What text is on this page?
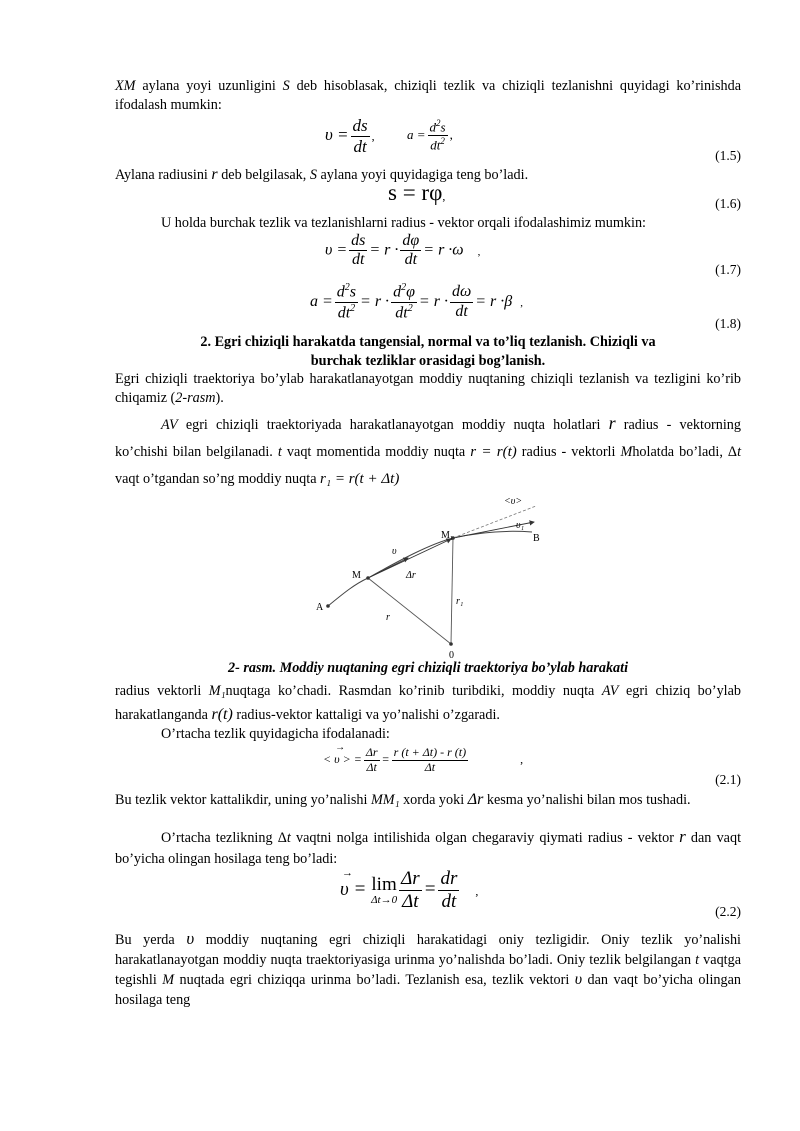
XM aylana yoyi uzunligini S deb hisoblasak, chiziqli tezlik va chiziqli tezlanishni quyidagi ko’rinishda ifodalash mumkin:

$\upsilon = \frac{ds}{dt}$ , $a = \frac{d^2s}{dt^2}$ ,
(1.5)

Aylana radiusini r deb belgilasak, S aylana yoyi quyidagiga teng bo’ladi.

s = rφ,	(1.6)

U holda burchak tezlik va tezlanishlarni radius - vektor orqali ifodalashimiz mumkin:

$\upsilon = \frac{ds}{dt} = r \cdot \frac{d\varphi}{dt} = r \cdot\omega$ ,
(1.7)
$a = \frac{d^2s}{dt^2} = r \cdot \frac{d^2\varphi}{dt^2} = r \cdot \frac{d\omega}{dt} = r \cdot\beta$ ,
(1.8)
2. Egri chiziqli harakatda tangensial, normal va to’liq tezlanish. Chiziqli va
burchak tezliklar orasidagi bog’lanish.

Egri chiziqli traektoriya bo’ylab harakatlanayotgan moddiy nuqtaning chiziqli tezlanish va tezligini ko’rib chiqamiz (2-rasm).

AV egri chiziqli traektoriyada harakatlanayotgan moddiy nuqta holatlari r radius - vektorning ko’chishi bilan belgilanadi. t vaqt momentida moddiy nuqta r = r(t) radius - vektorli Mholatda bo’ladi, Δt vaqt o’tgandan so’ng moddiy nuqta r₁ = r(t + Δt)

A
M
M₁	B
0
υ
υ₁
Δr
r
r₁
<υ>
2- rasm. Moddiy nuqtaning egri chiziqli traektoriya bo’ylab harakati

radius vektorli M₁nuqtaga ko’chadi. Rasmdan ko’rinib turibdiki, moddiy nuqta AV egri chiziq bo’ylab harakatlanganda r(t) radius-vektor kattaligi va yo’nalishi o’zgaradi.

O’rtacha tezlik quyidagicha ifodalanadi:

<
→
υ > = $\frac{\Delta r}{\Delta t} = \frac{r (t + \Delta t) - r (t)}{\Delta t}$	,
(2.1)

Bu tezlik vektor kattalikdir, uning yo’nalishi MM₁ xorda yoki Δr kesma yo’nalishi bilan mos tushadi.

O’rtacha tezlikning Δt vaqtni nolga intilishida olgan chegaraviy qiymati radius - vektor r dan vaqt bo’yicha olingan hosilaga teng bo’ladi:

→
υ = lim
$\Delta t\to 0 \frac{\Delta r}{\Delta t} = \frac{dr}{dt}$ ,
(2.2)

Bu yerda υ moddiy nuqtaning egri chiziqli harakatidagi oniy tezligidir. Oniy tezlik yo’nalishi harakatlanayotgan moddiy nuqta traektoriyasiga urinma yo’nalishda bo’ladi. Oniy tezlik belgilangan t vaqtga tegishli M nuqtada egri chiziqqa urinma bo’ladi. Tezlanish esa, tezlik vektori υ dan vaqt bo’yicha olingan hosilaga teng
